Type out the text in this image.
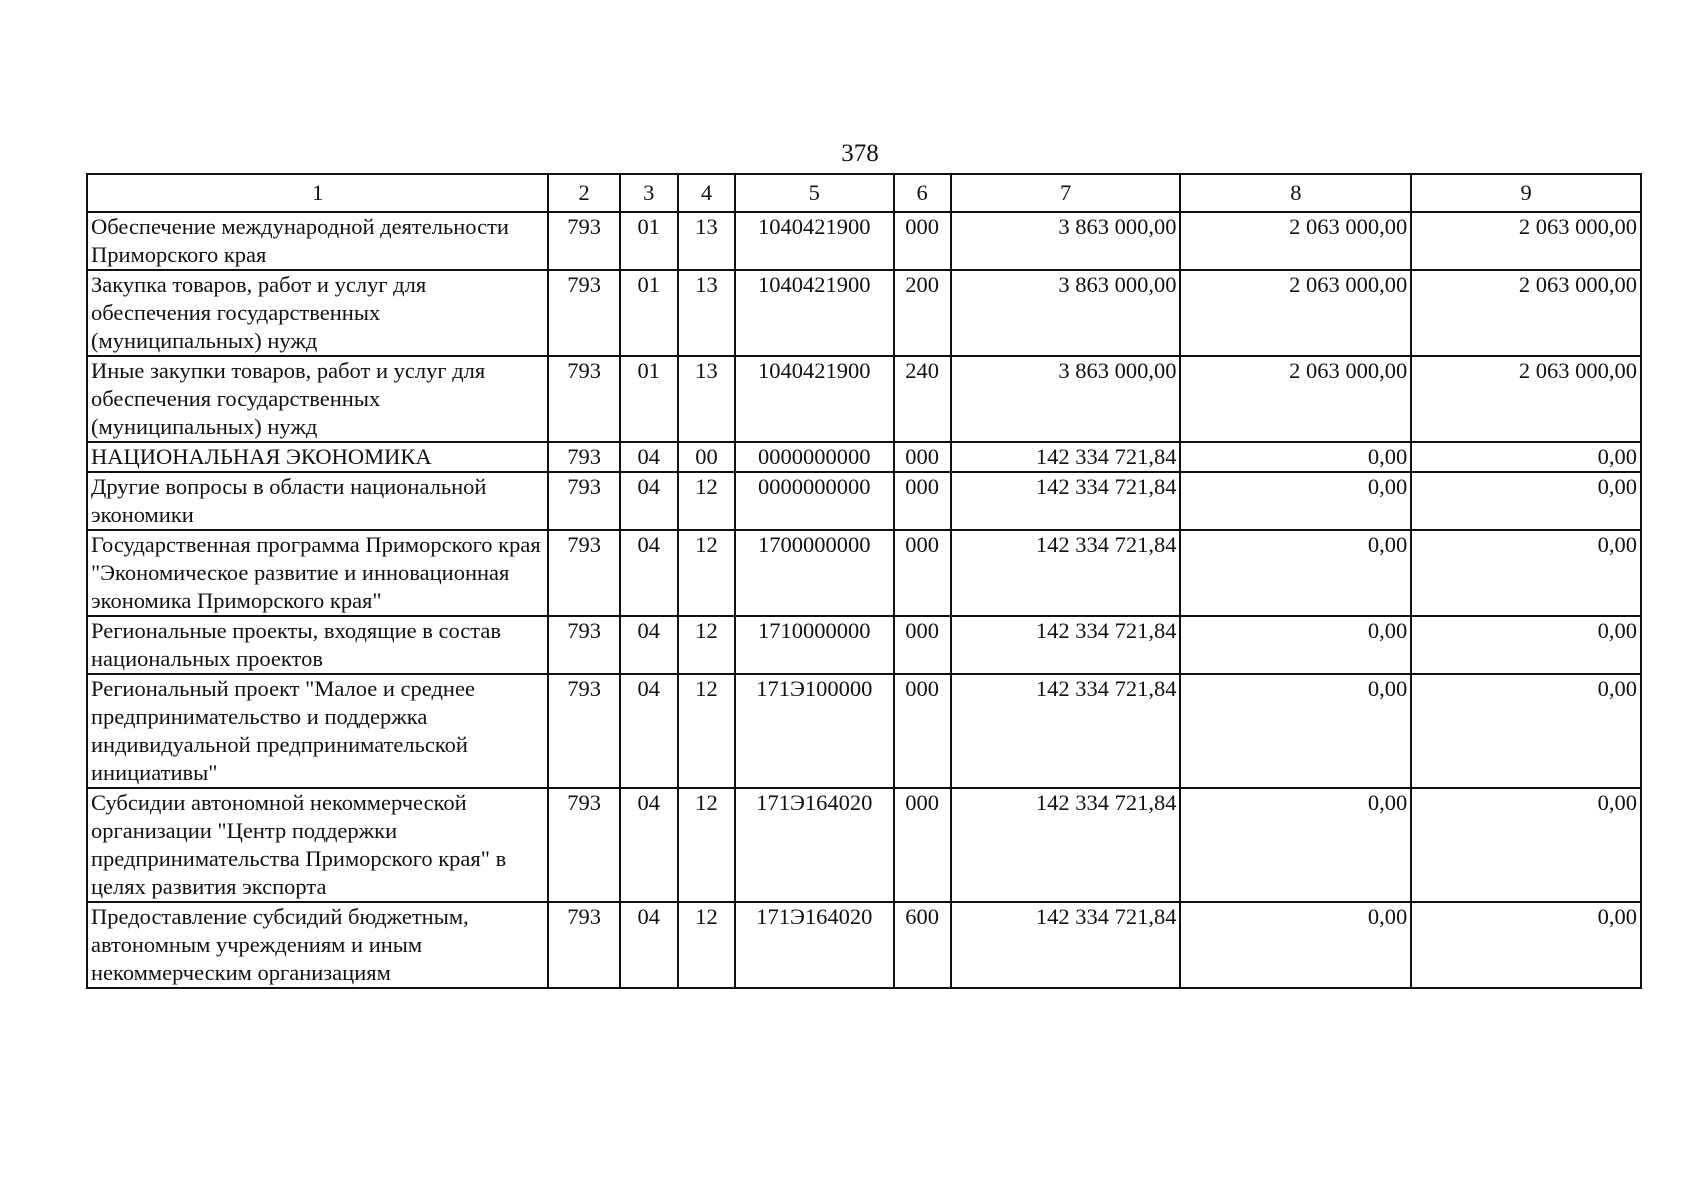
378
1	2	3	4	5	6	7	8	9
Обеспечение международной деятельности Приморского края	793	01	13	1040421900	000	3 863 000,00	2 063 000,00	2 063 000,00
Закупка товаров, работ и услуг для обеспечения государственных (муниципальных) нужд	793	01	13	1040421900	200	3 863 000,00	2 063 000,00	2 063 000,00
Иные закупки товаров, работ и услуг для обеспечения государственных (муниципальных) нужд	793	01	13	1040421900	240	3 863 000,00	2 063 000,00	2 063 000,00
НАЦИОНАЛЬНАЯ ЭКОНОМИКА	793	04	00	0000000000	000	142 334 721,84	0,00	0,00
Другие вопросы в области национальной экономики	793	04	12	0000000000	000	142 334 721,84	0,00	0,00
Государственная программа Приморского края "Экономическое развитие и инновационная экономика Приморского края"	793	04	12	1700000000	000	142 334 721,84	0,00	0,00
Региональные проекты, входящие в состав национальных проектов	793	04	12	1710000000	000	142 334 721,84	0,00	0,00
Региональный проект "Малое и среднее предпринимательство и поддержка индивидуальной предпринимательской инициативы"	793	04	12	171Э100000	000	142 334 721,84	0,00	0,00
Субсидии автономной некоммерческой организации "Центр поддержки предпринимательства Приморского края" в целях развития экспорта	793	04	12	171Э164020	000	142 334 721,84	0,00	0,00
Предоставление субсидий бюджетным, автономным учреждениям и иным некоммерческим организациям	793	04	12	171Э164020	600	142 334 721,84	0,00	0,00
